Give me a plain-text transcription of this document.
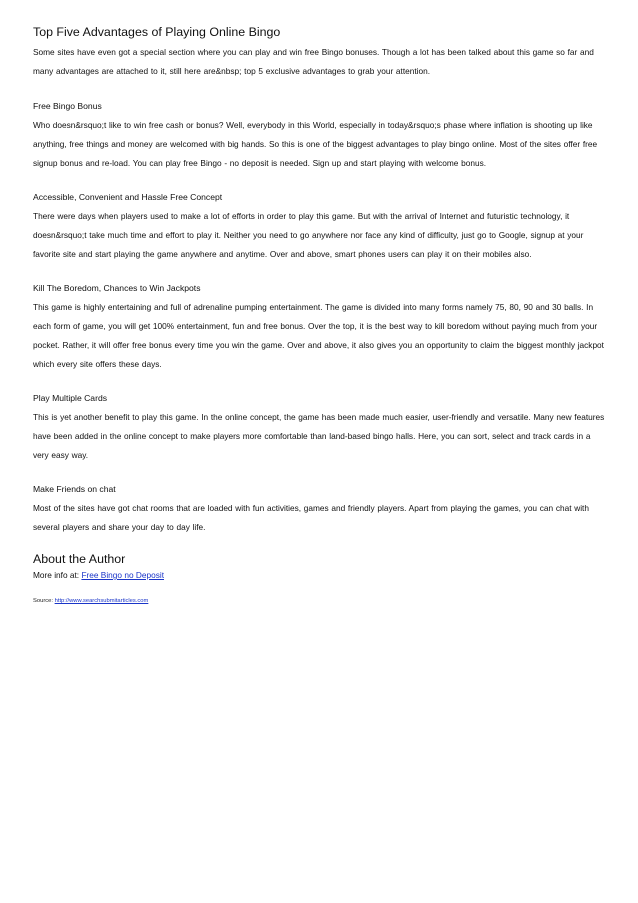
Top Five Advantages of Playing Online Bingo

Some sites have even got a special section where you can play and win free Bingo bonuses. Though a lot has been talked about this game so far and many advantages are attached to it, still here are&nbsp; top 5 exclusive advantages to grab your attention.

Free Bingo Bonus

Who doesn&rsquo;t like to win free cash or bonus? Well, everybody in this World, especially in today&rsquo;s phase where inflation is shooting up like anything, free things and money are welcomed with big hands. So this is one of the biggest advantages to play bingo online. Most of the sites offer free signup bonus and re-load. You can play free Bingo - no deposit is needed. Sign up and start playing with welcome bonus.

Accessible, Convenient and Hassle Free Concept

There were days when players used to make a lot of efforts in order to play this game. But with the arrival of Internet and futuristic technology, it doesn&rsquo;t take much time and effort to play it. Neither you need to go anywhere nor face any kind of difficulty, just go to Google, signup at your favorite site and start playing the game anywhere and anytime. Over and above, smart phones users can play it on their mobiles also.

Kill The Boredom, Chances to Win Jackpots

This game is highly entertaining and full of adrenaline pumping entertainment. The game is divided into many forms namely 75, 80, 90 and 30 balls. In each form of game, you will get 100% entertainment, fun and free bonus. Over the top, it is the best way to kill boredom without paying much from your pocket. Rather, it will offer free bonus every time you win the game. Over and above, it also gives you an opportunity to claim the biggest monthly jackpot which every site offers these days.

Play Multiple Cards

This is yet another benefit to play this game. In the online concept, the game has been made much easier, user-friendly and versatile. Many new features have been added in the online concept to make players more comfortable than land-based bingo halls. Here, you can sort, select and track cards in a very easy way.

Make Friends on chat

Most of the sites have got chat rooms that are loaded with fun activities, games and friendly players. Apart from playing the games, you can chat with several players and share your day to day life.

About the Author

More info at: Free Bingo no Deposit

Source: http://www.searchsubmitarticles.com
